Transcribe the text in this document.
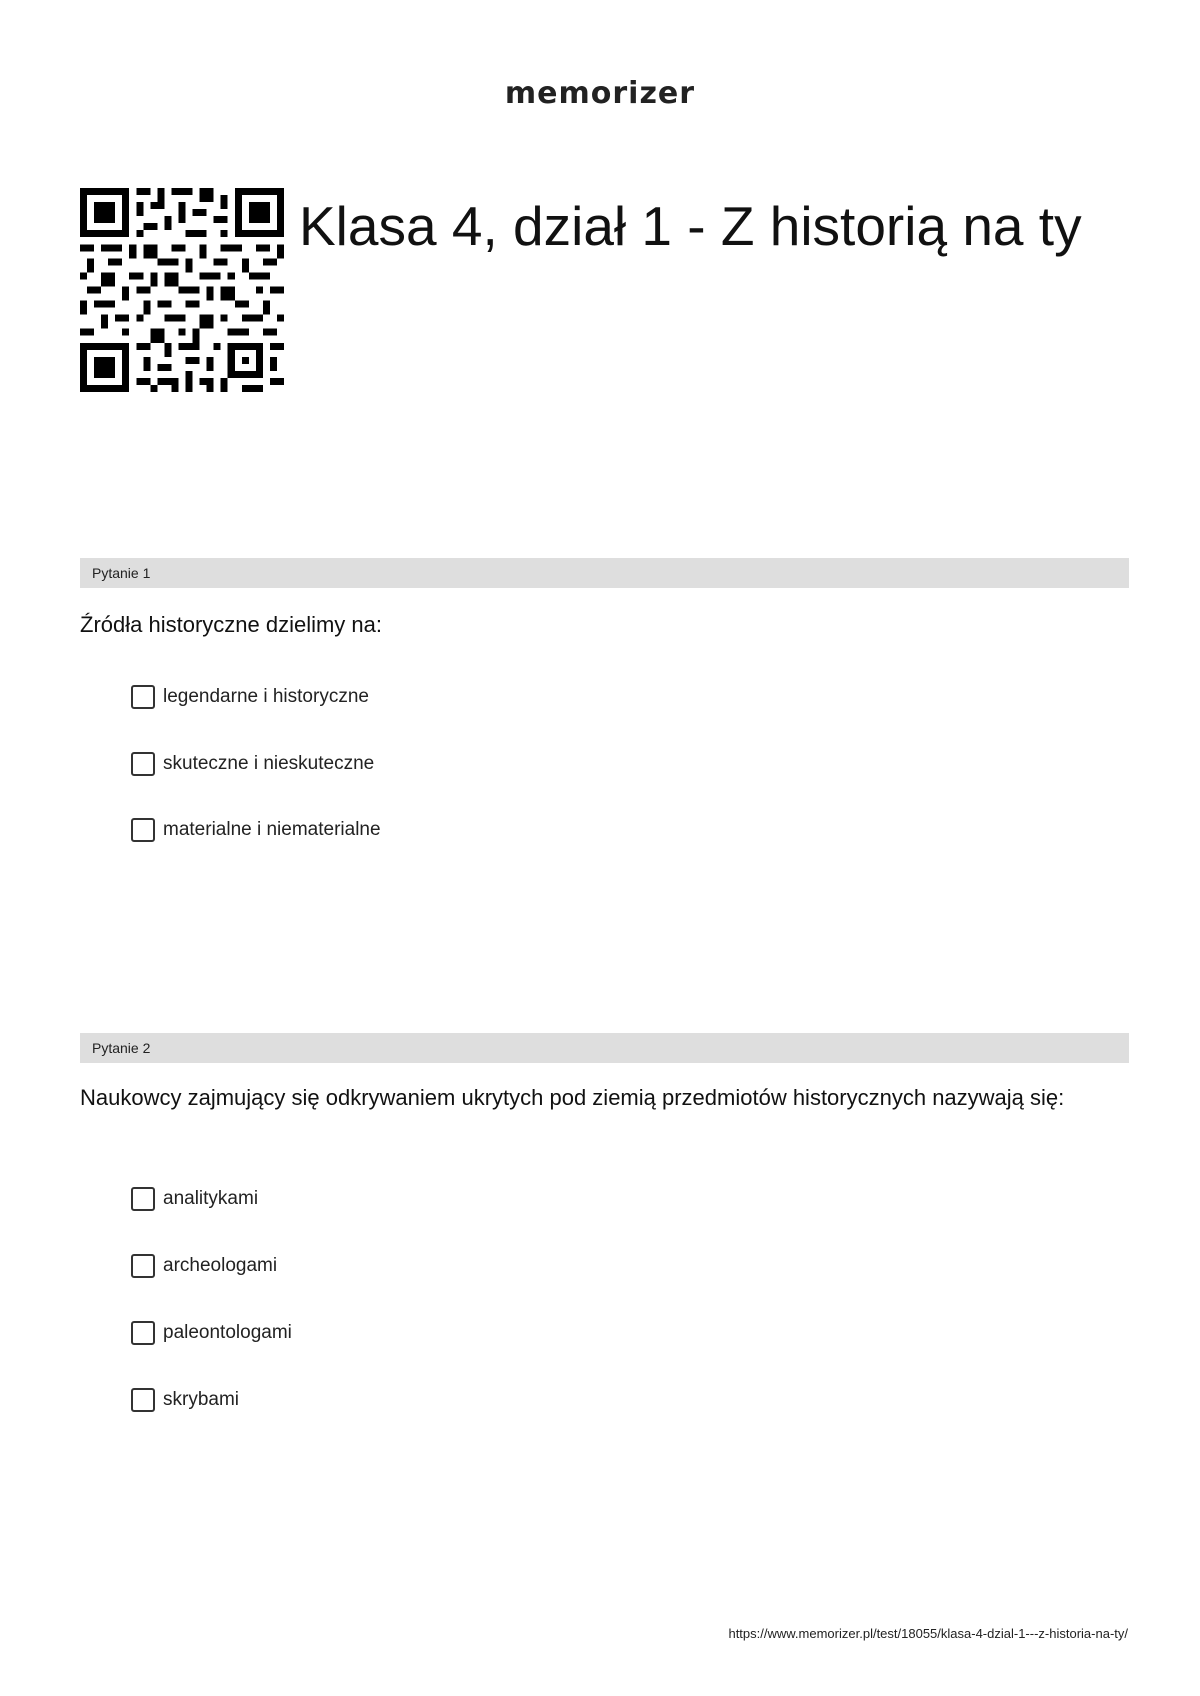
memorizer
Klasa 4, dział 1 - Z historią na ty
Pytanie 1

Źródła historyczne dzielimy na:

legendarne i historyczne
skuteczne i nieskuteczne
materialne i niematerialne
Pytanie 2

Naukowcy zajmujący się odkrywaniem ukrytych pod ziemią przedmiotów historycznych nazywają się:

analitykami
archeologami
paleontologami
skrybami
https://www.memorizer.pl/test/18055/klasa-4-dzial-1---z-historia-na-ty/
